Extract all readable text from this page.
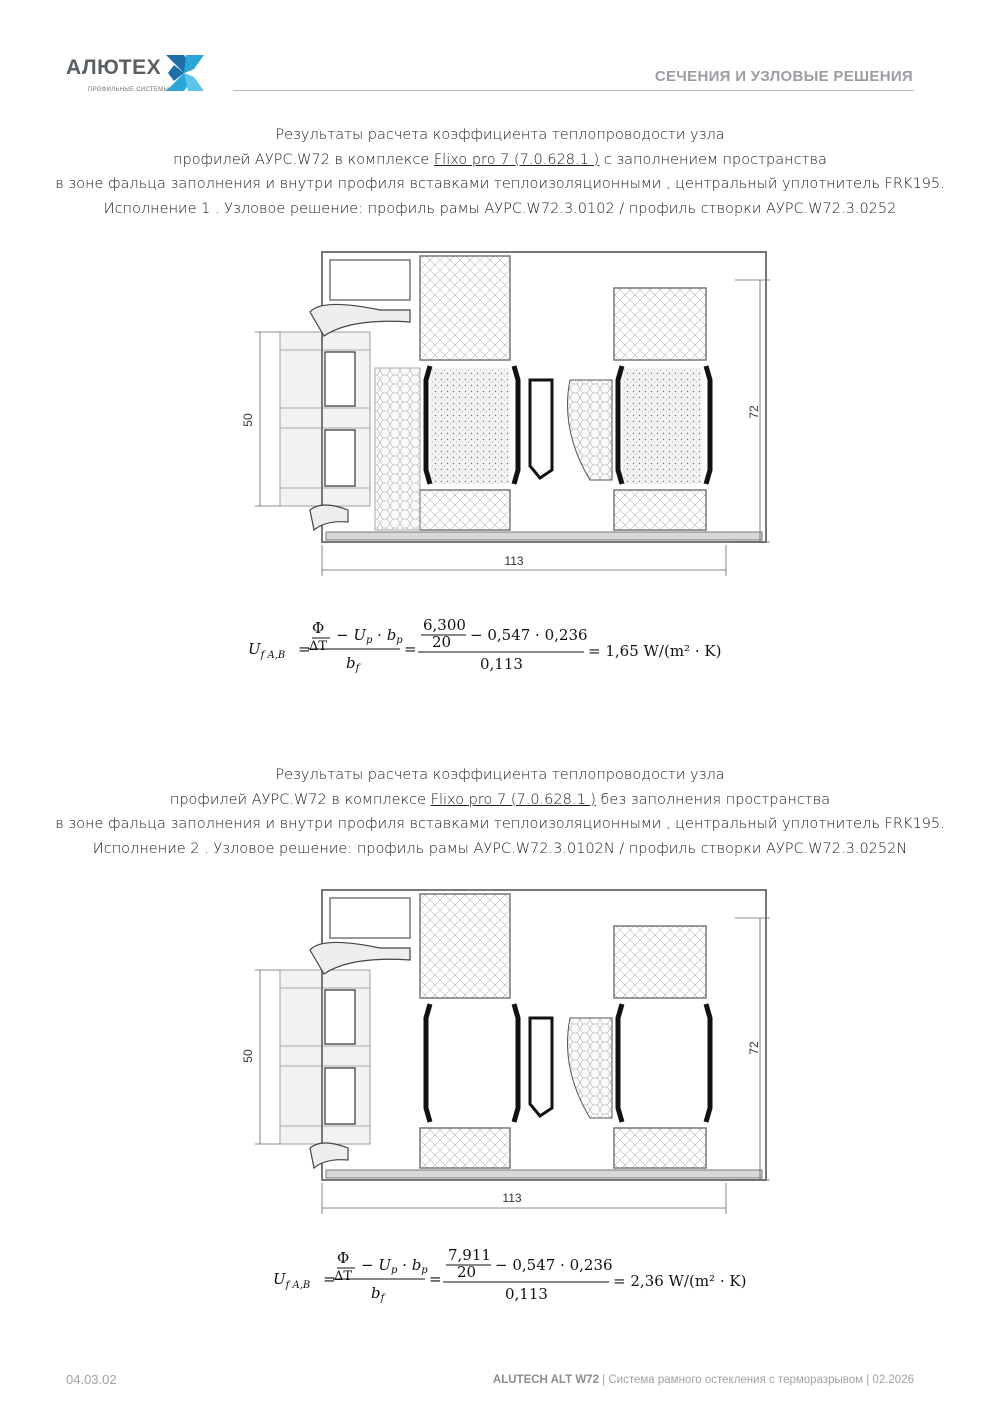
АЛЮТЕХ
ПРОФИЛЬНЫЕ СИСТЕМЫ
СЕЧЕНИЯ И УЗЛОВЫЕ РЕШЕНИЯ
Результаты расчета коэффициента теплопроводости узла
профилей АУРС.W72 в комплексе Flixo pro 7 (7.0.628.1 ) с заполнением пространства
в зоне фальца заполнения и внутри профиля вставками теплоизоляционными , центральный уплотнитель FRK195.
Исполнение 1 . Узловое решение: профиль рамы АУРС.W72.3.0102 / профиль створки АУРС.W72.3.0252
50
72
113
$U_{f A,B}$ =
Φ
ΔT
− $U_p \cdot b_p$
$b_f$
=
6,300
20 − 0,547 · 0,236
0,113
= 1,65 W/(m² · K)
Результаты расчета коэффициента теплопроводости узла
профилей АУРС.W72 в комплексе Flixo pro 7 (7.0.628.1 ) без заполнения пространства
в зоне фальца заполнения и внутри профиля вставками теплоизоляционными , центральный уплотнитель FRK195.
Исполнение 2 . Узловое решение: профиль рамы АУРС.W72.3.0102N / профиль створки АУРС.W72.3.0252N
50
72
113
$U_{f A,B}$ =
Φ
ΔT
− $U_p \cdot b_p$
$b_f$
=
7,911
20 − 0,547 · 0,236
0,113
= 2,36 W/(m² · K)
04.03.02	ALUTECH ALT W72 | Система рамного остекления с терморазрывом | 02.2026
